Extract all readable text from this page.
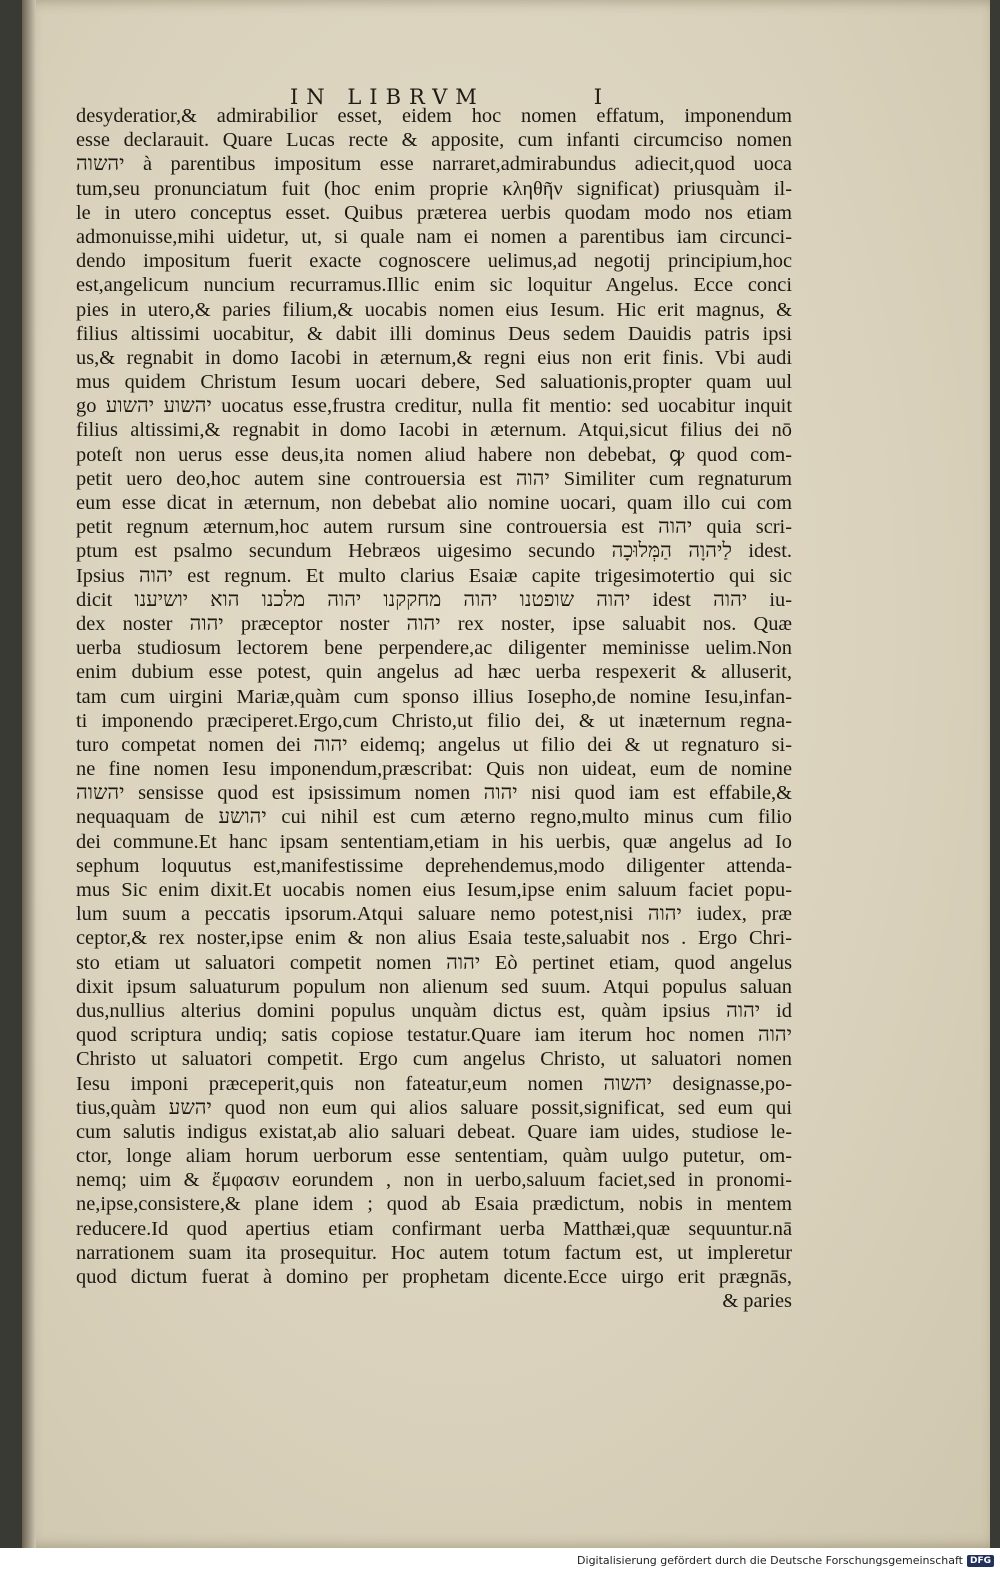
IN LIBRVM	I
desyderatior,& admirabilior esset, eidem hoc nomen effatum, imponendum
esse declarauit. Quare Lucas recte & apposite, cum infanti circumciso nomen
יהשוה à parentibus impositum esse narraret,admirabundus adiecit,quod uoca
tum,seu pronunciatum fuit (hoc enim proprie κληθῆν significat) priusquàm il-
le in utero conceptus esset. Quibus præterea uerbis quodam modo nos etiam
admonuisse,mihi uidetur, ut, si quale nam ei nomen a parentibus iam circunci-
dendo impositum fuerit exacte cognoscere uelimus,ad negotij principium,hoc
est,angelicum nuncium recurramus.Illic enim sic loquitur Angelus. Ecce conci
pies in utero,& paries filium,& uocabis nomen eius Iesum. Hic erit magnus, &
filius altissimi uocabitur, & dabit illi dominus Deus sedem Dauidis patris ipsi
us,& regnabit in domo Iacobi in æternum,& regni eius non erit finis. Vbi audi
mus quidem Christum Iesum uocari debere, Sed saluationis,propter quam uul
go יהשוע יהשוע uocatus esse,frustra creditur, nulla fit mentio: sed uocabitur inquit
filius altissimi,& regnabit in domo Iacobi in æternum. Atqui,sicut filius dei nō
poteſt non uerus esse deus,ita nomen aliud habere non debebat, ꝙ quod com-
petit uero deo,hoc autem sine controuersia est יהוה Similiter cum regnaturum
eum esse dicat in æternum, non debebat alio nomine uocari, quam illo cui com
petit regnum æternum,hoc autem rursum sine controuersia est יהוה quia scri-
ptum est psalmo secundum Hebræos uigesimo secundo לַיהוָה הַמְּלוּכָה idest.
Ipsius יהוה est regnum. Et multo clarius Esaiæ capite trigesimotertio qui sic
dicit יהוה שופטנו יהוה מחקקנו יהוה מלכנו הוא יושיענו idest יהוה iu-
dex noster יהוה præceptor noster יהוה rex noster, ipse saluabit nos. Quæ
uerba studiosum lectorem bene perpendere,ac diligenter meminisse uelim.Non
enim dubium esse potest, quin angelus ad hæc uerba respexerit & alluserit,
tam cum uirgini Mariæ,quàm cum sponso illius Iosepho,de nomine Iesu,infan-
ti imponendo præciperet.Ergo,cum Christo,ut filio dei, & ut inæternum regna-
turo competat nomen dei יהוה eidemq; angelus ut filio dei & ut regnaturo si-
ne fine nomen Iesu imponendum,præscribat: Quis non uideat, eum de nomine
יהשוה sensisse quod est ipsissimum nomen יהוה nisi quod iam est effabile,&
nequaquam de יהושע cui nihil est cum æterno regno,multo minus cum filio
dei commune.Et hanc ipsam sententiam,etiam in his uerbis, quæ angelus ad Io
sephum loquutus est,manifestissime deprehendemus,modo diligenter attenda-
mus Sic enim dixit.Et uocabis nomen eius Iesum,ipse enim saluum faciet popu-
lum suum a peccatis ipsorum.Atqui saluare nemo potest,nisi יהוה iudex, præ
ceptor,& rex noster,ipse enim & non alius Esaia teste,saluabit nos . Ergo Chri-
sto etiam ut saluatori competit nomen יהוה Eò pertinet etiam, quod angelus
dixit ipsum saluaturum populum non alienum sed suum. Atqui populus saluan
dus,nullius alterius domini populus unquàm dictus est, quàm ipsius יהוה id
quod scriptura undiq; satis copiose testatur.Quare iam iterum hoc nomen יהוה
Christo ut saluatori competit. Ergo cum angelus Christo, ut saluatori nomen
Iesu imponi præceperit,quis non fateatur,eum nomen יהשוה designasse,po-
tius,quàm יהשע quod non eum qui alios saluare possit,significat, sed eum qui
cum salutis indigus existat,ab alio saluari debeat. Quare iam uides, studiose le-
ctor, longe aliam horum uerborum esse sententiam, quàm uulgo putetur, om-
nemq; uim & ἔμφασιν eorundem , non in uerbo,saluum faciet,sed in pronomi-
ne,ipse,consistere,& plane idem ; quod ab Esaia prædictum, nobis in mentem
reducere.Id quod apertius etiam confirmant uerba Matthæi,quæ sequuntur.nā
narrationem suam ita prosequitur. Hoc autem totum factum est, ut impleretur
quod dictum fuerat à domino per prophetam dicente.Ecce uirgo erit prægnās,
& paries
Digitalisierung gefördert durch die Deutsche Forschungsgemeinschaft DFG
